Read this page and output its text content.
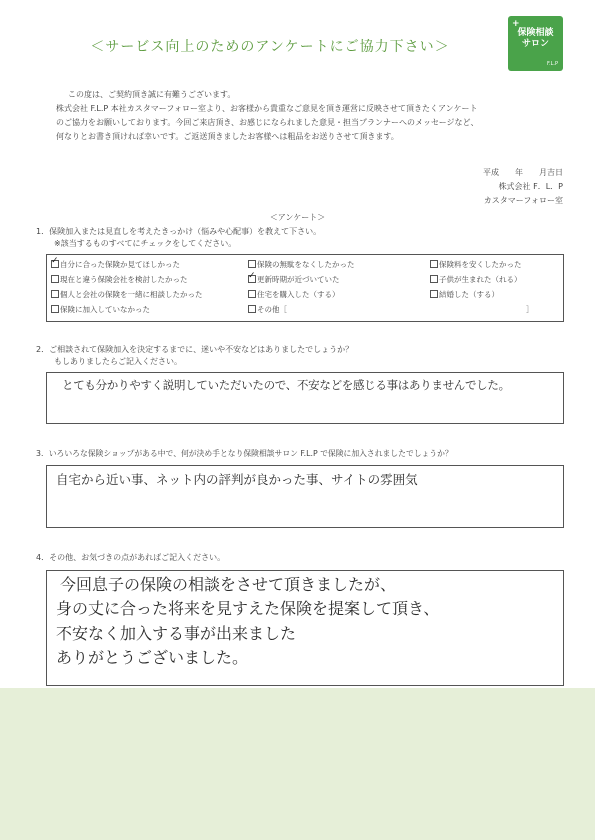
＜サービス向上のためのアンケートにご協力下さい＞
+
保険相談
サロン
F.L.P

この度は、ご契約頂き誠に有難うございます。

株式会社 F.L.P 本社カスタマーフォロー室より、お客様から貴重なご意見を頂き運営に反映させて頂きたくアンケート

のご協力をお願いしております。今回ご来店頂き、お感じになられました意見・担当プランナーへのメッセージなど、

何なりとお書き頂ければ幸いです。ご返送頂きましたお客様へは粗品をお送りさせて頂きます。

平成　　年　　月吉日
株式会社 F．L．P
カスタマーフォロー室
＜アンケート＞
1．保険加入または見直しを考えたきっかけ（悩みや心配事）を教えて下さい。
※該当するものすべてにチェックをしてください。
✓自分に合った保険か見てほしかった	保険の無駄をなくしたかった	保険料を安くしたかった
現在と違う保険会社を検討したかった
✓	更新時期が近づいていた	子供が生まれた（れる）
個人と会社の保険を一緒に相談したかった	住宅を購入した（する）	結婚した（する）
保険に加入していなかった	その他［	］
2．ご相談されて保険加入を決定するまでに、迷いや不安などはありましたでしょうか？
もしありましたらご記入ください。
とても分かりやすく説明していただいたので、不安などを感じる事はありませんでした。
3．いろいろな保険ショップがある中で、何が決め手となり保険相談サロン F.L.P で保険に加入されましたでしょうか？
自宅から近い事、ネット内の評判が良かった事、サイトの雰囲気
4．その他、お気づきの点があればご記入ください。
今回息子の保険の相談をさせて頂きましたが、
身の丈に合った将来を見すえた保険を提案して頂き、
不安なく加入する事が出来ました
ありがとうございました。
